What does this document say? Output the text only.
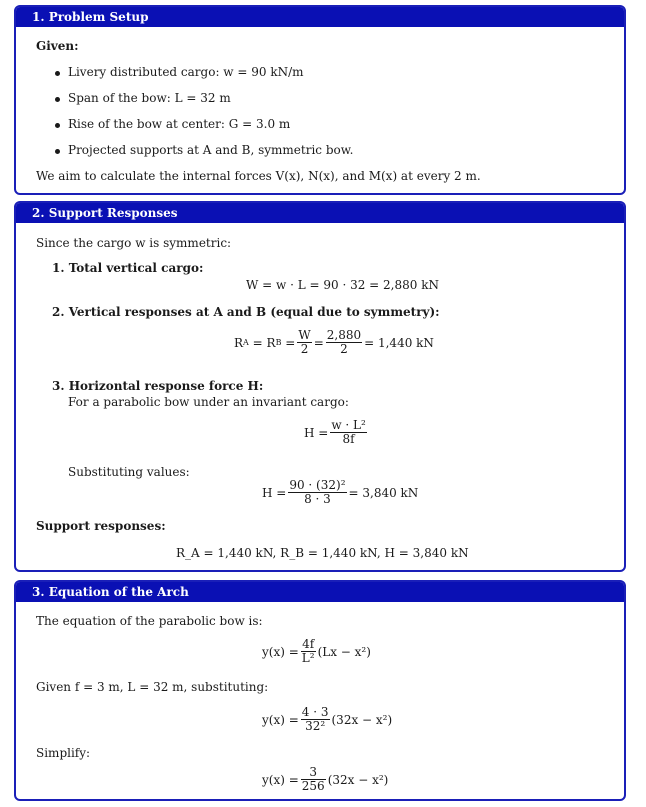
1. Problem Setup
Given:
Livery distributed cargo: w = 90 kN/m
Span of the bow: L = 32 m
Rise of the bow at center: G = 3.0 m
Projected supports at A and B, symmetric bow.
We aim to calculate the internal forces V(x), N(x), and M(x) at every 2 m.
2. Support Responses
Since the cargo w is symmetric:
1. Total vertical cargo:
W = w · L = 90 · 32 = 2,880 kN
2. Vertical responses at A and B (equal due to symmetry):
R A
= R B
= $\frac{W}{2} = \frac{2,880}{2} = 1,440$ kN
3. Horizontal response force H:
For a parabolic bow under an invariant cargo:
$H = \frac{\text{w · L²}}{8f}$
Substituting values:
$H = \frac{\text{90 · (32)²}}{8 \cdot 3} = 3,840$ kN
Support responses:
R_A = 1,440 kN, R_B = 1,440 kN, H = 3,840 kN
3. Equation of the Arch
The equation of the parabolic bow is:
$y(x) = \frac{4f}{\text{L²}} (Lx - x^2)$
Given f = 3 m, L = 32 m, substituting:
$y(x) = \frac{4 \cdot 3}{\text{32²}} (32x - x^2)$
Simplify:
$y(x) = \frac{3}{256} (32x - x^2)$
